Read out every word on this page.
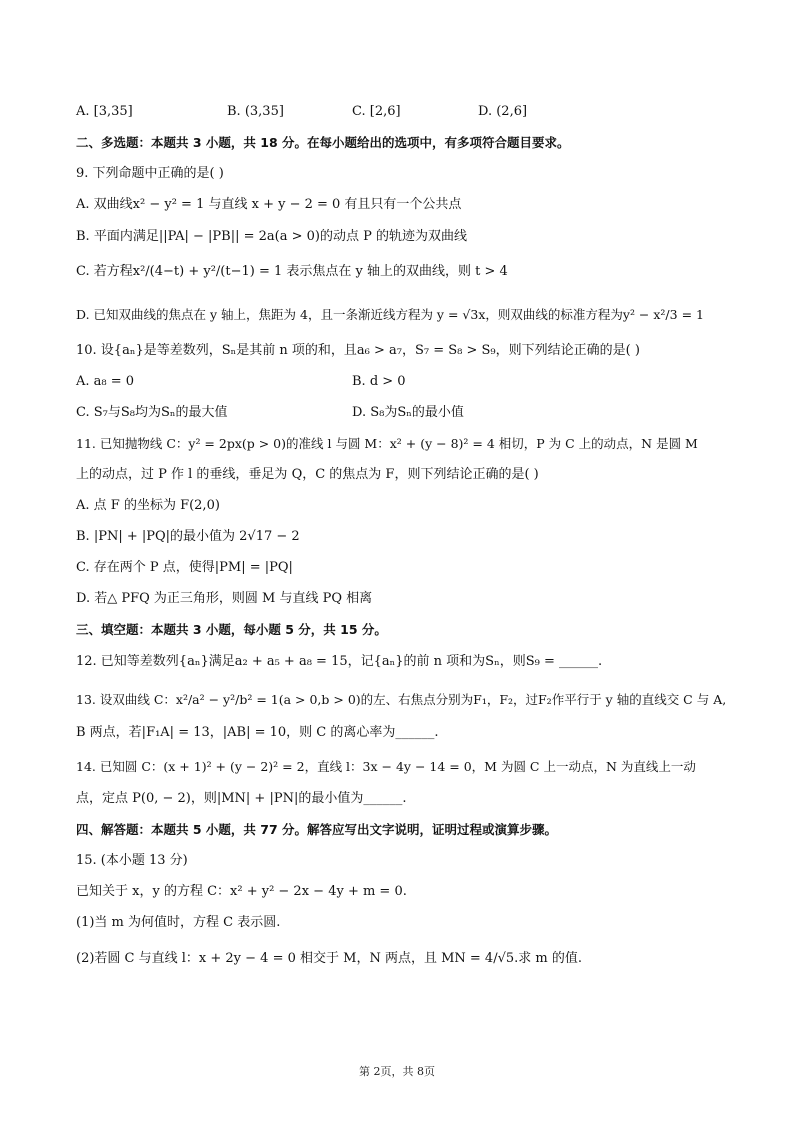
A. [3,35]	B. (3,35]	C. [2,6]	D. (2,6]
二、多选题：本题共 3 小题，共 18 分。在每小题给出的选项中，有多项符合题目要求。
9. 下列命题中正确的是( )
A. 双曲线x² − y² = 1 与直线 x + y − 2 = 0 有且只有一个公共点
B. 平面内满足||PA| − |PB|| = 2a(a > 0)的动点 P 的轨迹为双曲线
C. 若方程x²/(4−t) + y²/(t−1) = 1 表示焦点在 y 轴上的双曲线，则 t > 4
D. 已知双曲线的焦点在 y 轴上，焦距为 4，且一条渐近线方程为 y = √3x，则双曲线的标准方程为y² − x²/3 = 1
10. 设{aₙ}是等差数列，Sₙ是其前 n 项的和，且a₆ > a₇，S₇ = S₈ > S₉，则下列结论正确的是( )
A. a₈ = 0	B. d > 0
C. S₇与S₈均为Sₙ的最大值	D. S₈为Sₙ的最小值
11. 已知抛物线 C：y² = 2px(p > 0)的准线 l 与圆 M：x² + (y − 8)² = 4 相切，P 为 C 上的动点，N 是圆 M
上的动点，过 P 作 l 的垂线，垂足为 Q，C 的焦点为 F，则下列结论正确的是( )
A. 点 F 的坐标为 F(2,0)
B. |PN| + |PQ|的最小值为 2√17 − 2
C. 存在两个 P 点，使得|PM| = |PQ|
D. 若△ PFQ 为正三角形，则圆 M 与直线 PQ 相离
三、填空题：本题共 3 小题，每小题 5 分，共 15 分。
12. 已知等差数列{aₙ}满足a₂ + a₅ + a₈ = 15，记{aₙ}的前 n 项和为Sₙ，则S₉ = ______.
13. 设双曲线 C：x²/a² − y²/b² = 1(a > 0,b > 0)的左、右焦点分别为F₁，F₂，过F₂作平行于 y 轴的直线交 C 与 A,
B 两点，若|F₁A| = 13，|AB| = 10，则 C 的离心率为______.
14. 已知圆 C：(x + 1)² + (y − 2)² = 2，直线 l：3x − 4y − 14 = 0，M 为圆 C 上一动点，N 为直线上一动
点，定点 P(0, − 2)，则|MN| + |PN|的最小值为______.
四、解答题：本题共 5 小题，共 77 分。解答应写出文字说明，证明过程或演算步骤。
15. (本小题 13 分)
已知关于 x，y 的方程 C：x² + y² − 2x − 4y + m = 0.
(1)当 m 为何值时，方程 C 表示圆.
(2)若圆 C 与直线 l：x + 2y − 4 = 0 相交于 M，N 两点，且 MN = 4/√5.求 m 的值.
第 2页，共 8页
